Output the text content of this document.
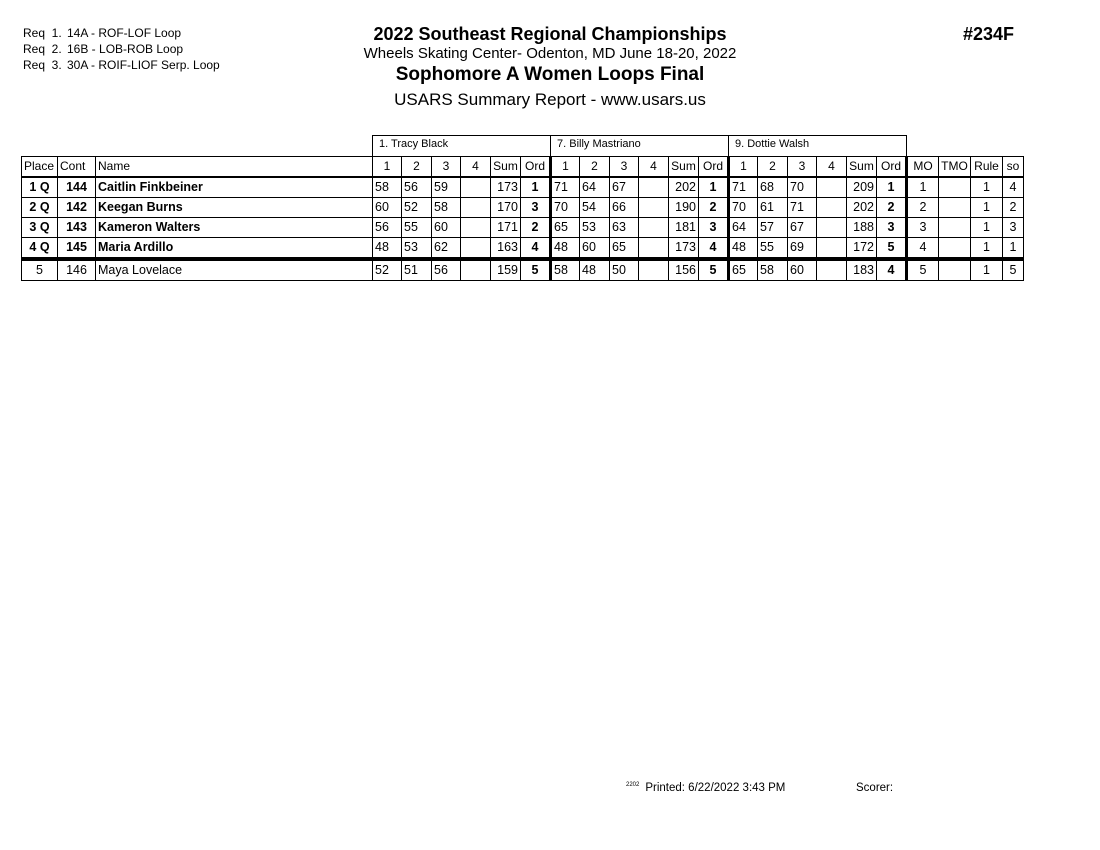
Req  1. 14A - ROF-LOF Loop
Req  2. 16B - LOB-ROB Loop
Req  3. 30A - ROIF-LIOF Serp. Loop
2022 Southeast Regional Championships
Wheels Skating Center- Odenton, MD June 18-20, 2022
Sophomore A Women Loops Final
USARS Summary Report - www.usars.us
#234F
			1. Tracy Black						7. Billy Mastriano						9. Dottie Walsh									
Place	Cont	Name	1	2	3	4	Sum	Ord	1	2	3	4	Sum	Ord	1	2	3	4	Sum	Ord	MO	TMO	Rule	so
1 Q	144	Caitlin Finkbeiner	58	56	59		173	1	71	64	67		202	1	71	68	70		209	1	1		1	4
2 Q	142	Keegan Burns	60	52	58		170	3	70	54	66		190	2	70	61	71		202	2	2		1	2
3 Q	143	Kameron Walters	56	55	60		171	2	65	53	63		181	3	64	57	67		188	3	3		1	3
4 Q	145	Maria Ardillo	48	53	62		163	4	48	60	65		173	4	48	55	69		172	5	4		1	1
5	146	Maya Lovelace	52	51	56		159	5	58	48	50		156	5	65	58	60		183	4	5		1	5
$^{2202}$ Printed: 6/22/2022 3:43 PM	Scorer:
